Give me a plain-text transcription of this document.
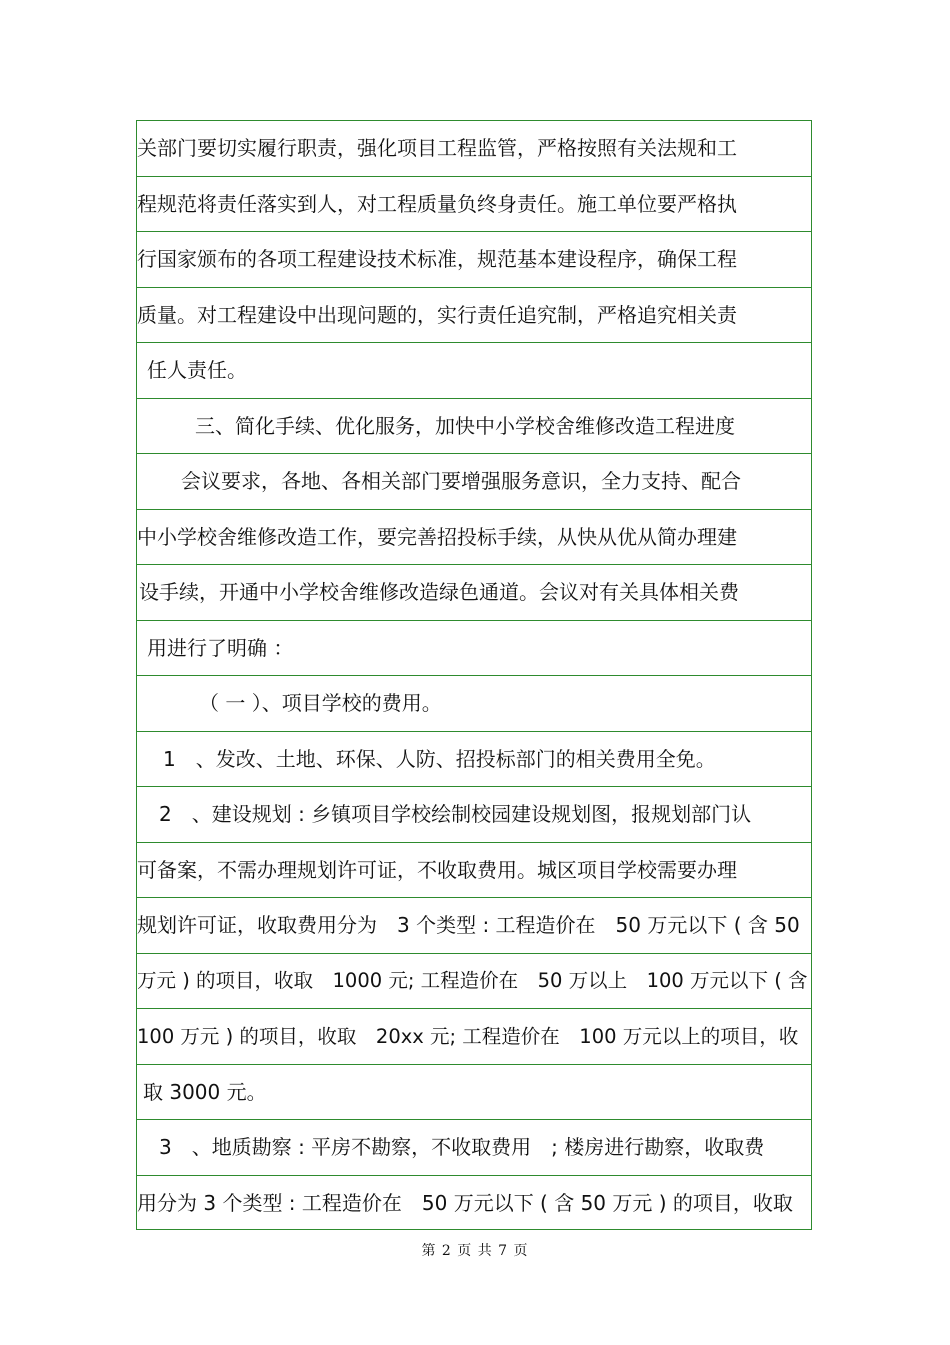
关部门要切实履行职责，强化项目工程监管，严格按照有关法规和工
程规范将责任落实到人，对工程质量负终身责任。施工单位要严格执
行国家颁布的各项工程建设技术标准，规范基本建设程序，确保工程
质量。对工程建设中出现问题的，实行责任追究制，严格追究相关责
任人责任。
三、简化手续、优化服务，加快中小学校舍维修改造工程进度
会议要求，各地、各相关部门要增强服务意识，全力支持、配合
中小学校舍维修改造工作，要完善招投标手续，从快从优从简办理建
设手续，开通中小学校舍维修改造绿色通道。会议对有关具体相关费
用进行了明确 ：
（ 一 ）、项目学校的费用。
1　、发改、土地、环保、人防、招投标部门的相关费用全免。
2　、建设规划 : 乡镇项目学校绘制校园建设规划图，报规划部门认
可备案，不需办理规划许可证，不收取费用。城区项目学校需要办理
规划许可证，收取费用分为　3 个类型 : 工程造价在　50 万元以下 ( 含 50
万元 ) 的项目，收取　1000 元; 工程造价在　50 万以上　100 万元以下 ( 含
100 万元 ) 的项目，收取　20xx 元; 工程造价在　100 万元以上的项目，收
取 3000 元。
3　、地质勘察 : 平房不勘察，不收取费用　; 楼房进行勘察，收取费
用分为 3 个类型 : 工程造价在　50 万元以下 ( 含 50 万元 ) 的项目，收取
第 2 页 共 7 页
